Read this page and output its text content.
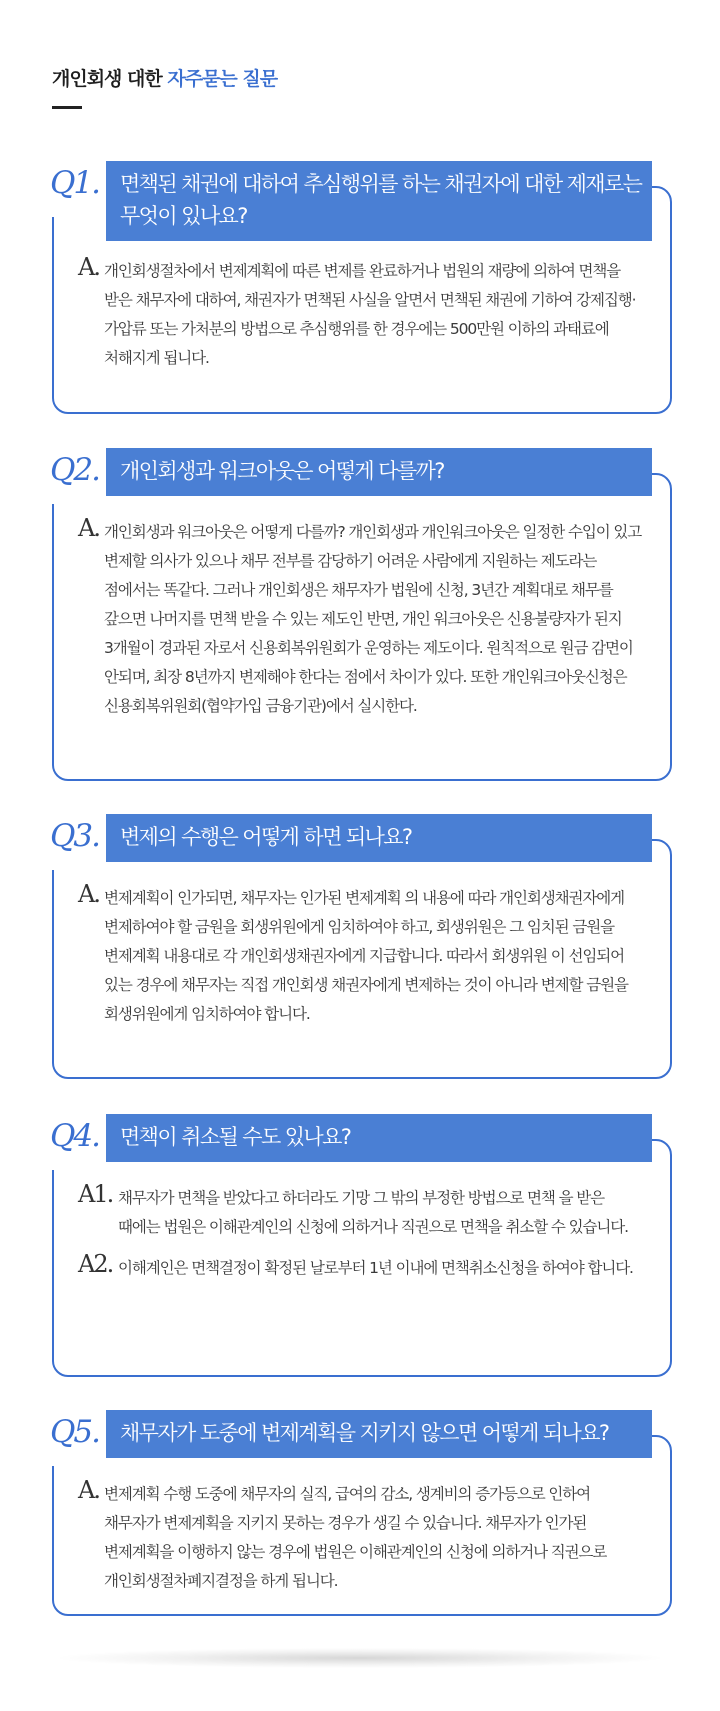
개인회생 대한 자주묻는 질문
Q1.	면책된 채권에 대하여 추심행위를 하는 채권자에 대한 제재로는 무엇이 있나요?
A. 개인회생절차에서 변제계획에 따른 변제를 완료하거나 법원의 재량에 의하여 면책을 받은 채무자에 대하여, 채권자가 면책된 사실을 알면서 면책된 채권에 기하여 강제집행·가압류 또는 가처분의 방법으로 추심행위를 한 경우에는 500만원 이하의 과태료에 처해지게 됩니다.
Q2.	개인회생과 워크아웃은 어떻게 다를까?
A. 개인회생과 워크아웃은 어떻게 다를까? 개인회생과 개인워크아웃은 일정한 수입이 있고 변제할 의사가 있으나 채무 전부를 감당하기 어려운 사람에게 지원하는 제도라는 점에서는 똑같다. 그러나 개인회생은 채무자가 법원에 신청, 3년간 계획대로 채무를 갚으면 나머지를 면책 받을 수 있는 제도인 반면, 개인 워크아웃은 신용불량자가 된지 3개월이 경과된 자로서 신용회복위원회가 운영하는 제도이다. 원칙적으로 원금 감면이 안되며, 최장 8년까지 변제해야 한다는 점에서 차이가 있다. 또한 개인워크아웃신청은 신용회복위원회(협약가입 금융기관)에서 실시한다.
Q3.	변제의 수행은 어떻게 하면 되나요?
A. 변제계획이 인가되면, 채무자는 인가된 변제계획 의 내용에 따라 개인회생채권자에게 변제하여야 할 금원을 회생위원에게 임치하여야 하고, 회생위원은 그 임치된 금원을 변제계획 내용대로 각 개인회생채권자에게 지급합니다. 따라서 회생위원 이 선임되어 있는 경우에 채무자는 직접 개인회생 채권자에게 변제하는 것이 아니라 변제할 금원을 회생위원에게 임치하여야 합니다.
Q4.	면책이 취소될 수도 있나요?
A1. 채무자가 면책을 받았다고 하더라도 기망 그 밖의 부정한 방법으로 면책 을 받은 때에는 법원은 이해관계인의 신청에 의하거나 직권으로 면책을 취소할 수 있습니다.
A2. 이해계인은 면책결정이 확정된 날로부터 1년 이내에 면책취소신청을 하여야 합니다.
Q5.	채무자가 도중에 변제계획을 지키지 않으면 어떻게 되나요?
A. 변제계획 수행 도중에 채무자의 실직, 급여의 감소, 생계비의 증가등으로 인하여 채무자가 변제계획을 지키지 못하는 경우가 생길 수 있습니다. 채무자가 인가된 변제계획을 이행하지 않는 경우에 법원은 이해관계인의 신청에 의하거나 직권으로 개인회생절차폐지결정을 하게 됩니다.
